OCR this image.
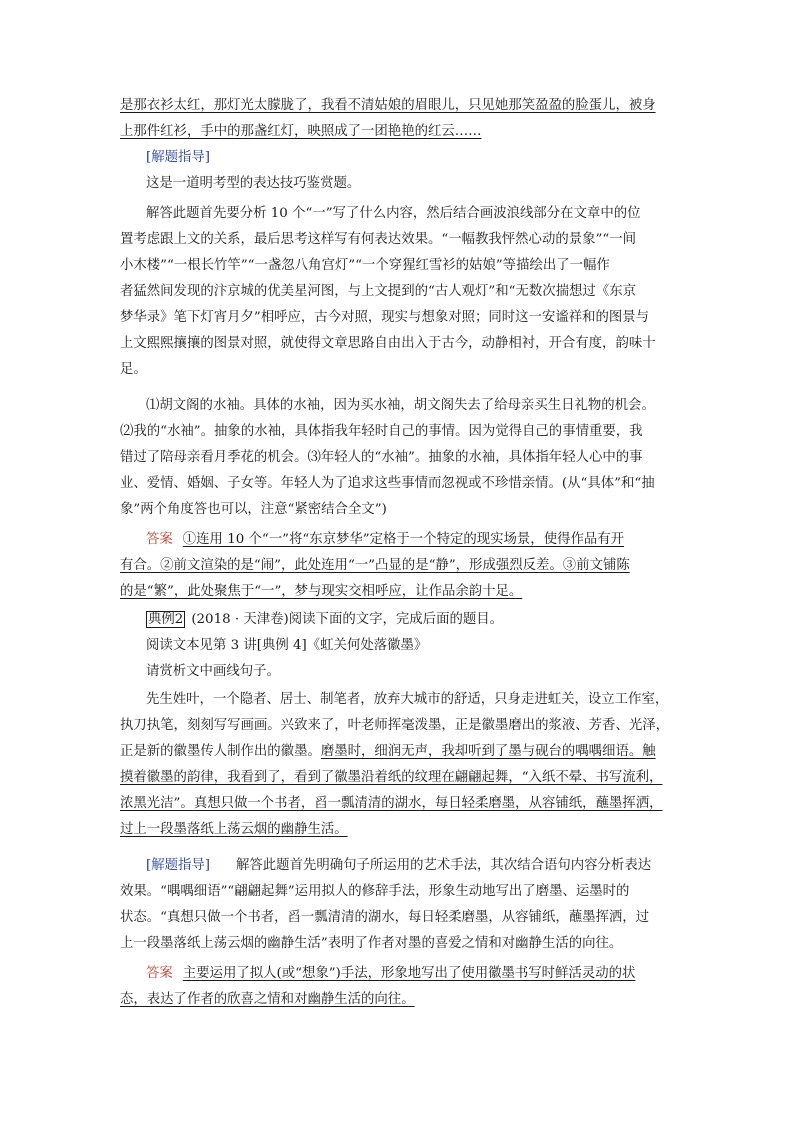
是那衣衫太红，那灯光太朦胧了，我看不清姑娘的眉眼儿，只见她那笑盈盈的脸蛋儿，被身
上那件红衫，手中的那盏红灯，映照成了一团艳艳的红云……
[解题指导]
这是一道明考型的表达技巧鉴赏题。
解答此题首先要分析 10 个“一”写了什么内容，然后结合画波浪线部分在文章中的位
置考虑跟上文的关系，最后思考这样写有何表达效果。“一幅教我怦然心动的景象”“一间
小木楼”“一根长竹竿”“一盏忽八角宫灯”“一个穿猩红雪衫的姑娘”等描绘出了一幅作
者猛然间发现的汴京城的优美星河图，与上文提到的“古人观灯”和“无数次揣想过《东京
梦华录》笔下灯宵月夕”相呼应，古今对照，现实与想象对照；同时这一安谧祥和的图景与
上文熙熙攘攘的图景对照，就使得文章思路自由出入于古今，动静相衬，开合有度，韵味十
足。
⑴胡文阁的水袖。具体的水袖，因为买水袖，胡文阁失去了给母亲买生日礼物的机会。
⑵我的“水袖”。抽象的水袖，具体指我年轻时自己的事情。因为觉得自己的事情重要，我
错过了陪母亲看月季花的机会。⑶年轻人的“水袖”。抽象的水袖，具体指年轻人心中的事
业、爱情、婚姻、子女等。年轻人为了追求这些事情而忽视或不珍惜亲情。(从“具体”和“抽
象”两个角度答也可以，注意“紧密结合全文”)
答案 ①连用 10 个“一”将“东京梦华”定格于一个特定的现实场景，使得作品有开
有合。②前文渲染的是“闹”，此处连用“一”凸显的是“静”，形成强烈反差。③前文铺陈
的是“繁”，此处聚焦于“一”，梦与现实交相呼应，让作品余韵十足。
典例2 (2018 · 天津卷)阅读下面的文字，完成后面的题目。
阅读文本见第 3 讲[典例 4]《虹关何处落徽墨》
请赏析文中画线句子。
先生姓叶，一个隐者、居士、制笔者，放弃大城市的舒适，只身走进虹关，设立工作室，
执刀执笔，刻刻写写画画。兴致来了，叶老师挥毫泼墨，正是徽墨磨出的浆液、芳香、光泽，
正是新的徽墨传人制作出的徽墨。磨墨时，细润无声，我却听到了墨与砚台的喁喁细语。触
摸着徽墨的韵律，我看到了，看到了徽墨沿着纸的纹理在翩翩起舞，“入纸不晕、书写流利，
浓黑光洁”。真想只做一个书者，舀一瓢清清的湖水，每日轻柔磨墨，从容铺纸，蘸墨挥洒，
过上一段墨落纸上荡云烟的幽静生活。
[解题指导] 解答此题首先明确句子所运用的艺术手法，其次结合语句内容分析表达
效果。“喁喁细语”“翩翩起舞”运用拟人的修辞手法，形象生动地写出了磨墨、运墨时的
状态。“真想只做一个书者，舀一瓢清清的湖水，每日轻柔磨墨，从容铺纸，蘸墨挥洒，过
上一段墨落纸上荡云烟的幽静生活”表明了作者对墨的喜爱之情和对幽静生活的向往。
答案 主要运用了拟人(或“想象”)手法，形象地写出了使用徽墨书写时鲜活灵动的状
态，表达了作者的欣喜之情和对幽静生活的向往。
